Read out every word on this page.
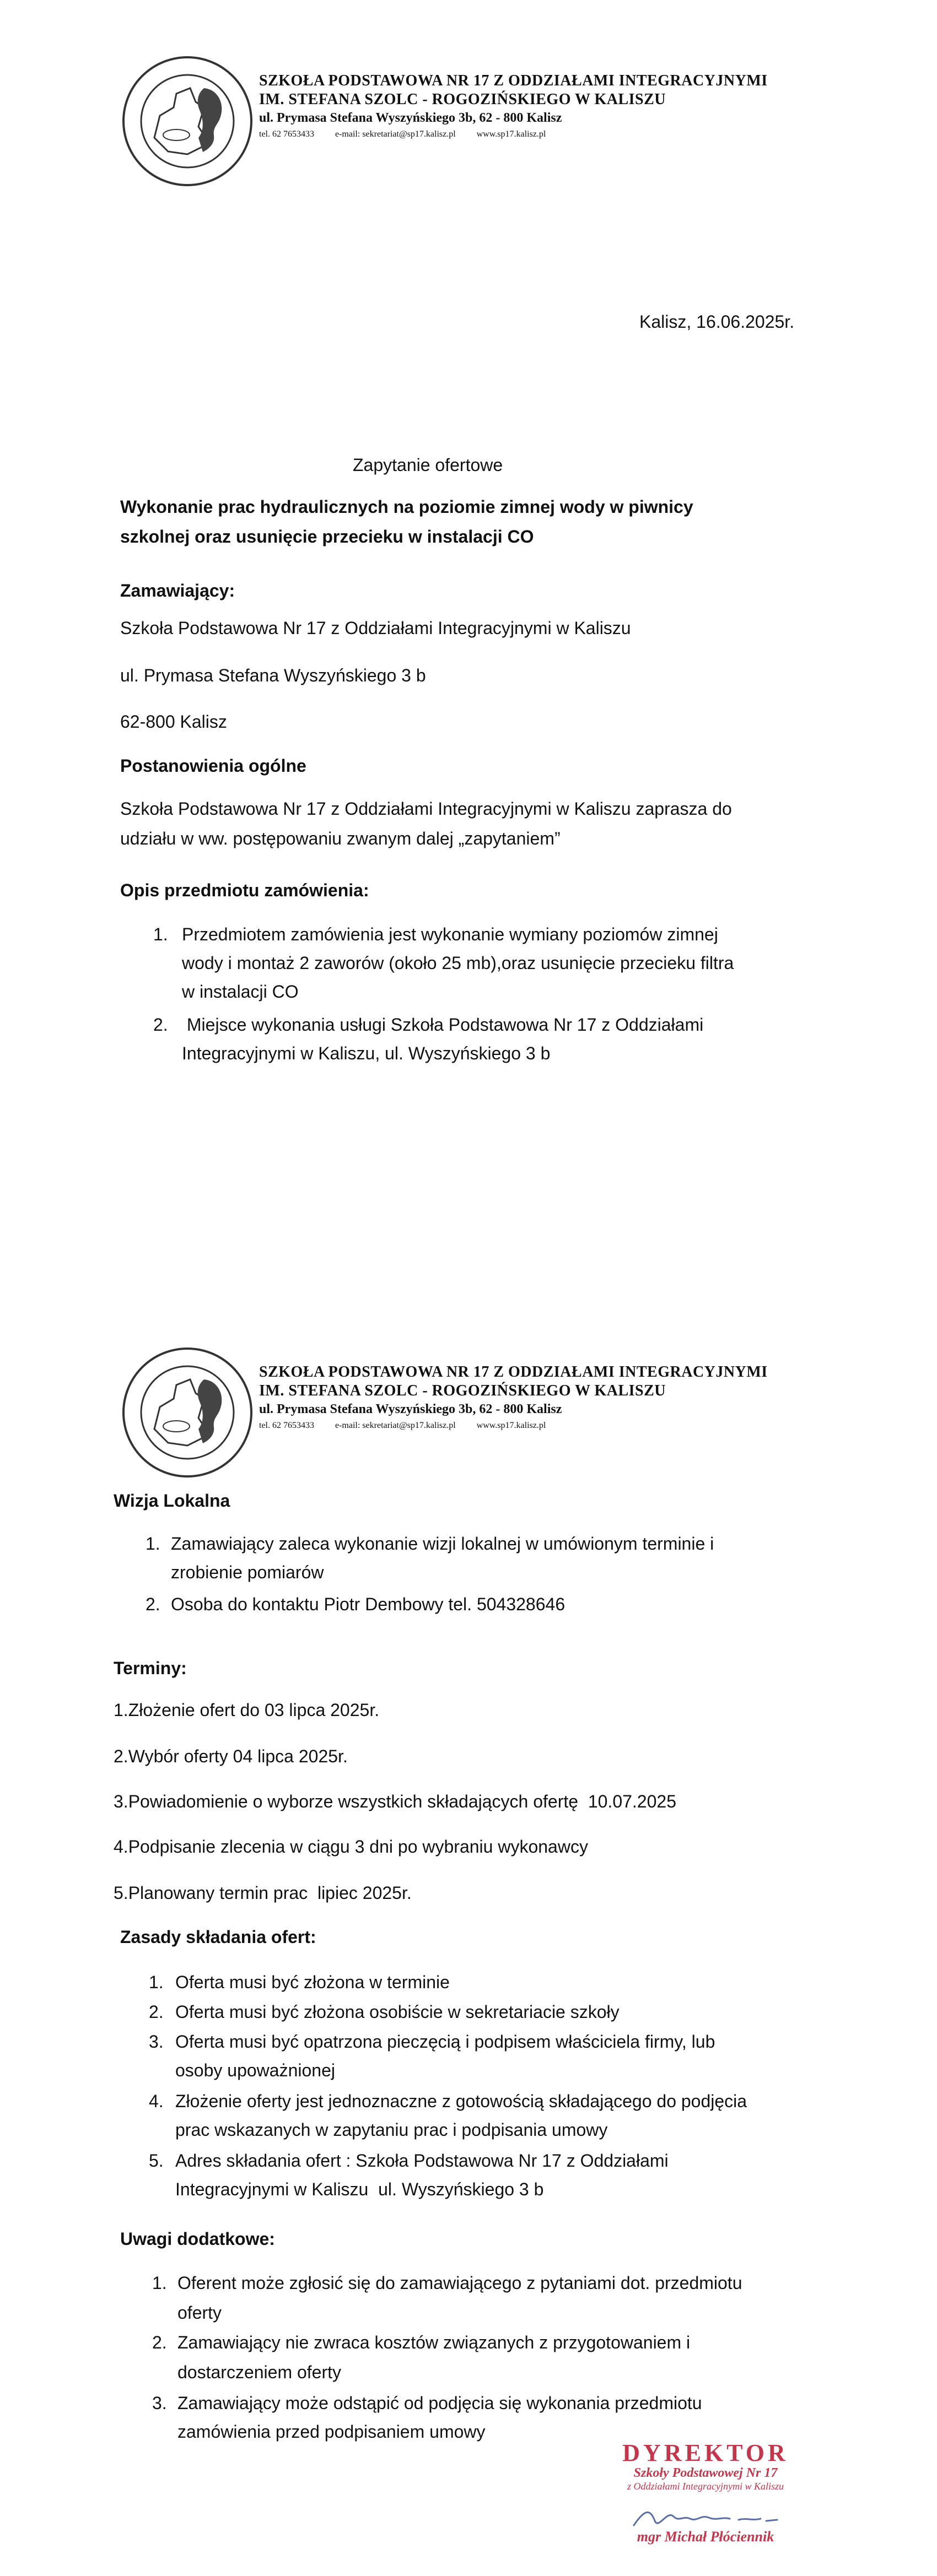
SZKOŁA PODSTAWOWA NR 17 Z ODDZIAŁAMI INTEGRACYJNYMI
IM. STEFANA SZOLC - ROGOZIŃSKIEGO W KALISZU
ul. Prymasa Stefana Wyszyńskiego 3b, 62 - 800 Kalisz
tel. 62 7653433 e-mail: sekretariat@sp17.kalisz.pl www.sp17.kalisz.pl
Kalisz, 16.06.2025r.
Zapytanie ofertowe
Wykonanie prac hydraulicznych na poziomie zimnej wody w piwnicy
szkolnej oraz usunięcie przecieku w instalacji CO
Zamawiający:
Szkoła Podstawowa Nr 17 z Oddziałami Integracyjnymi w Kaliszu
ul. Prymasa Stefana Wyszyńskiego 3 b
62-800 Kalisz
Postanowienia ogólne
Szkoła Podstawowa Nr 17 z Oddziałami Integracyjnymi w Kaliszu zaprasza do
udziału w ww. postępowaniu zwanym dalej „zapytaniem”
Opis przedmiotu zamówienia:
1. Przedmiotem zamówienia jest wykonanie wymiany poziomów zimnej
wody i montaż 2 zaworów (około 25 mb),oraz usunięcie przecieku filtra
w instalacji CO
2. Miejsce wykonania usługi Szkoła Podstawowa Nr 17 z Oddziałami
Integracyjnymi w Kaliszu, ul. Wyszyńskiego 3 b
SZKOŁA PODSTAWOWA NR 17 Z ODDZIAŁAMI INTEGRACYJNYMI
IM. STEFANA SZOLC - ROGOZIŃSKIEGO W KALISZU
ul. Prymasa Stefana Wyszyńskiego 3b, 62 - 800 Kalisz
tel. 62 7653433 e-mail: sekretariat@sp17.kalisz.pl www.sp17.kalisz.pl
Wizja Lokalna
1. Zamawiający zaleca wykonanie wizji lokalnej w umówionym terminie i
zrobienie pomiarów
2. Osoba do kontaktu Piotr Dembowy tel. 504328646
Terminy:
1.Złożenie ofert do 03 lipca 2025r.
2.Wybór oferty 04 lipca 2025r.
3.Powiadomienie o wyborze wszystkich składających ofertę  10.07.2025
4.Podpisanie zlecenia w ciągu 3 dni po wybraniu wykonawcy
5.Planowany termin prac  lipiec 2025r.
Zasady składania ofert:
1. Oferta musi być złożona w terminie
2. Oferta musi być złożona osobiście w sekretariacie szkoły
3. Oferta musi być opatrzona pieczęcią i podpisem właściciela firmy, lub
osoby upoważnionej
4. Złożenie oferty jest jednoznaczne z gotowością składającego do podjęcia
prac wskazanych w zapytaniu prac i podpisania umowy
5. Adres składania ofert : Szkoła Podstawowa Nr 17 z Oddziałami
Integracyjnymi w Kaliszu  ul. Wyszyńskiego 3 b
Uwagi dodatkowe:
1. Oferent może zgłosić się do zamawiającego z pytaniami dot. przedmiotu
oferty
2. Zamawiający nie zwraca kosztów związanych z przygotowaniem i
dostarczeniem oferty
3. Zamawiający może odstąpić od podjęcia się wykonania przedmiotu
zamówienia przed podpisaniem umowy
DYREKTOR
Szkoły Podstawowej Nr 17
z Oddziałami Integracyjnymi w Kaliszu
mgr Michał Płóciennik
